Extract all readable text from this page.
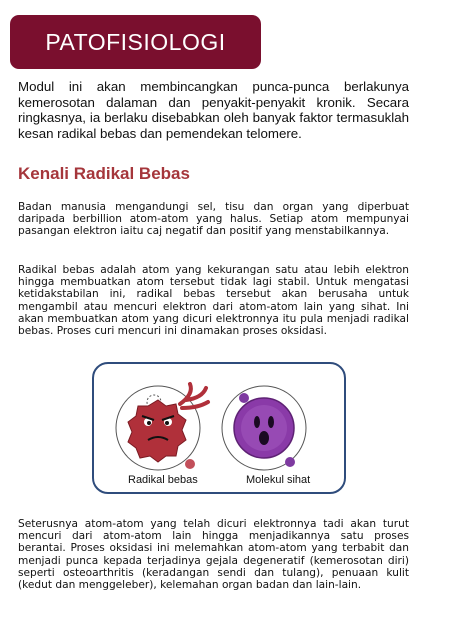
PATOFISIOLOGI

Modul ini akan membincangkan punca-punca berlakunya kemerosotan dalaman dan penyakit-penyakit kronik. Secara ringkasnya, ia berlaku disebabkan oleh banyak faktor termasuklah kesan radikal bebas dan pemendekan telomere.

Kenali Radikal Bebas

Badan manusia mengandungi sel, tisu dan organ yang diperbuat daripada berbillion atom-atom yang halus. Setiap atom mempunyai pasangan elektron iaitu caj negatif dan positif yang menstabilkannya.

Radikal bebas adalah atom yang kekurangan satu atau lebih elektron hingga membuatkan atom tersebut tidak lagi stabil. Untuk mengatasi ketidakstabilan ini, radikal bebas tersebut akan berusaha untuk mengambil atau mencuri elektron dari atom-atom lain yang sihat. Ini akan membuatkan atom yang dicuri elektronnya itu pula menjadi radikal bebas. Proses curi mencuri ini dinamakan proses oksidasi.

Radikal bebas	Molekul sihat

Seterusnya atom-atom yang telah dicuri elektronnya tadi akan turut mencuri dari atom-atom lain hingga menjadikannya satu proses berantai. Proses oksidasi ini melemahkan atom-atom yang terbabit dan menjadi punca kepada terjadinya gejala degeneratif (kemerosotan diri) seperti osteoarthritis (keradangan sendi dan tulang), penuaan kulit (kedut dan menggeleber), kelemahan organ badan dan lain-lain.
